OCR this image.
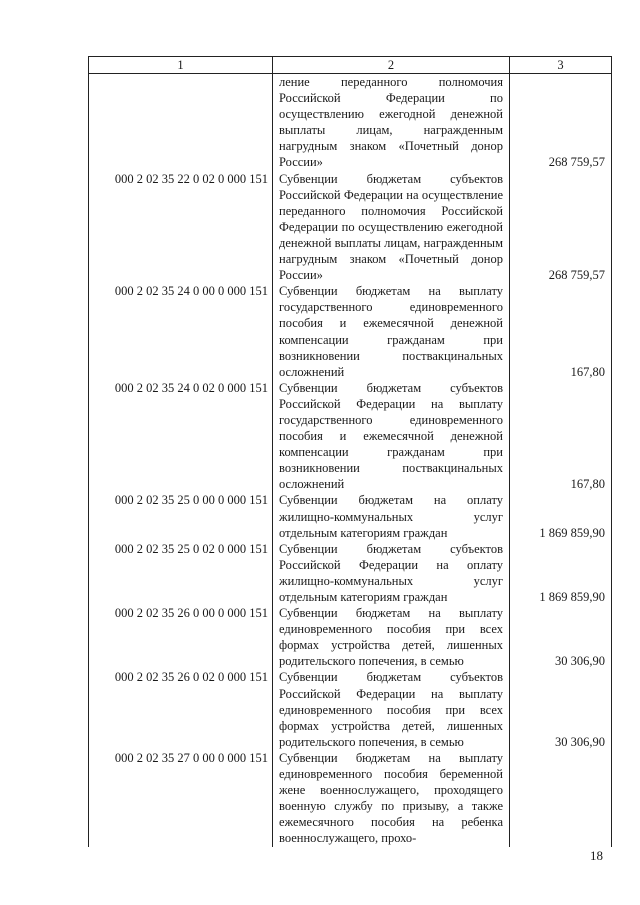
1	2	3
	ление переданного полномочия Российской Федерации по осуществлению ежегодной денежной выплаты лицам, награжденным нагрудным знаком «Почетный донор России»	268 759,57
000 2 02 35 22 0 02 0 000 151	Субвенции бюджетам субъектов Российской Федерации на осуществление переданного полномочия Российской Федерации по осуществлению ежегодной денежной выплаты лицам, награжденным нагрудным знаком «Почетный донор России»	268 759,57
000 2 02 35 24 0 00 0 000 151	Субвенции бюджетам на выплату государственного единовременного пособия и ежемесячной денежной компенсации гражданам при возникновении поствакцинальных осложнений	167,80
000 2 02 35 24 0 02 0 000 151	Субвенции бюджетам субъектов Российской Федерации на выплату государственного единовременного пособия и ежемесячной денежной компенсации гражданам при возникновении поствакцинальных осложнений	167,80
000 2 02 35 25 0 00 0 000 151	Субвенции бюджетам на оплату жилищно-коммунальных услуг отдельным категориям граждан	1 869 859,90
000 2 02 35 25 0 02 0 000 151	Субвенции бюджетам субъектов Российской Федерации на оплату жилищно-коммунальных услуг отдельным категориям граждан	1 869 859,90
000 2 02 35 26 0 00 0 000 151	Субвенции бюджетам на выплату единовременного пособия при всех формах устройства детей, лишенных родительского попечения, в семью	30 306,90
000 2 02 35 26 0 02 0 000 151	Субвенции бюджетам субъектов Российской Федерации на выплату единовременного пособия при всех формах устройства детей, лишенных родительского попечения, в семью	30 306,90
000 2 02 35 27 0 00 0 000 151	Субвенции бюджетам на выплату единовременного пособия беременной жене военнослужащего, проходящего военную службу по призыву, а также ежемесячного пособия на ребенка военнослужащего, прохо-	
18
